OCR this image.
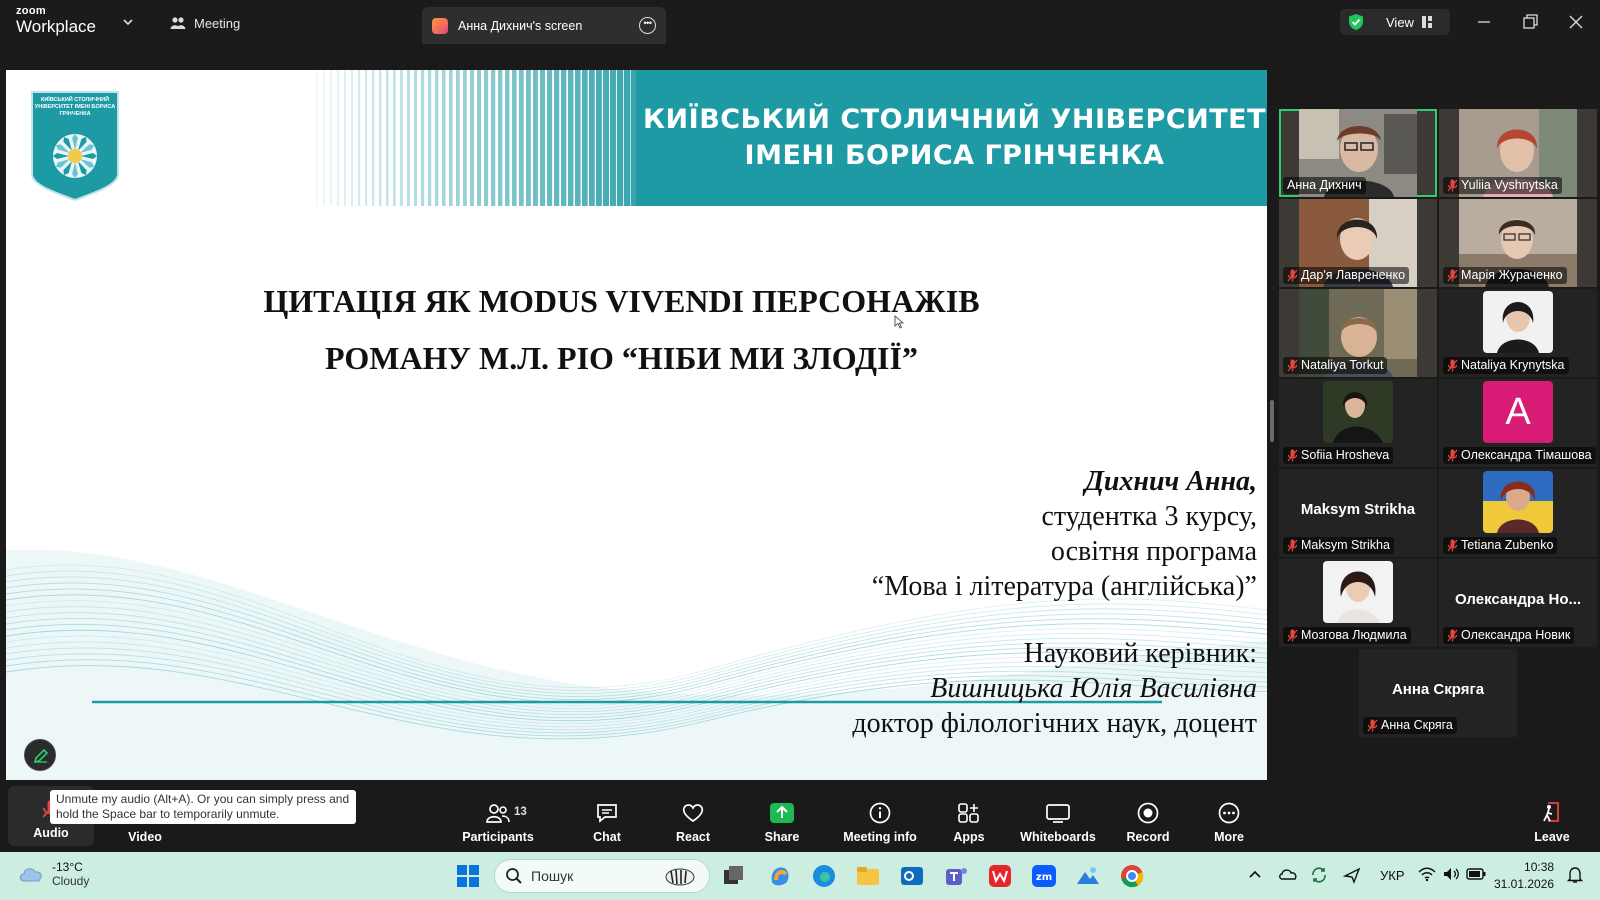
zoom
Workplace	Meeting	Анна Дихнич's screen	•••	View
КИЇВСЬКИЙ СТОЛИЧНИЙ УНІВЕРСИТЕТ
ІМЕНІ БОРИСА ГРІНЧЕНКА
КИЇВСЬКИЙ СТОЛИЧНИЙ УНІВЕРСИТЕТ ІМЕНІ БОРИСА ГРІНЧЕНКА
ЦИТАЦІЯ ЯК MODUS VIVENDI ПЕРСОНАЖІВ
РОМАНУ М.Л. РІО “НІБИ МИ ЗЛОДІЇ”
Дихнич Анна,
студентка 3 курсу,
освітня програма
“Мова і література (англійська)”
Науковий керівник:
Вишницька Юлія Василівна
доктор філологічних наук, доцент
Анна Дихнич	Yuliia Vyshnytska
Дар'я Лаврененко	Марія Жураченко
Nataliya Torkut	Nataliya Krynytska
Sofiia Hrosheva
A
Олександра Тімашова
Maksym Strikha
Maksym Strikha	Tetiana Zubenko
Мозгова Людмила
Олександра Но...
Олександра Новик
Анна Скряга
Анна Скряга
Audio	Video	Participants	Chat	React	Share	Meeting info	Apps	Whiteboards Record	More	Leave
13
Unmute my audio (Alt+A). Or you can simply press and hold the Space bar to temporarily unmute.
-13°C
Cloudy	Пошук	zm	УКР
10:38
31.01.2026
